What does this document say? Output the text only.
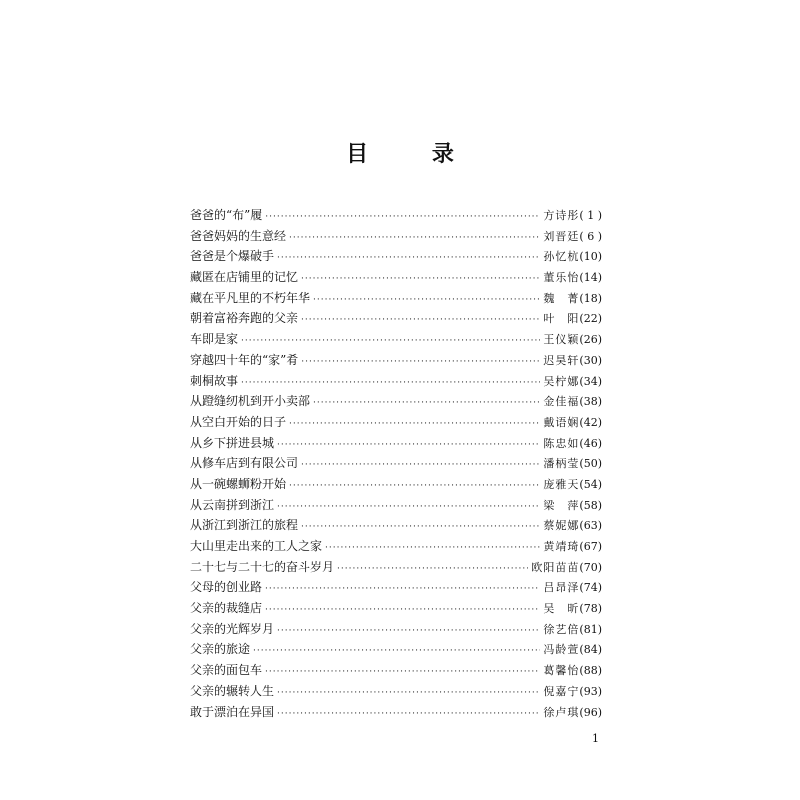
目 录
爸爸的“布”履 ·····	方诗彤 ( 1 )
爸爸妈妈的生意经 ·····	刘晋廷 ( 6 )
爸爸是个爆破手 ·····	孙忆杭 (10)
藏匿在店铺里的记忆 ·····	董乐怡 (14)
藏在平凡里的不朽年华 ·····	魏　菁 (18)
朝着富裕奔跑的父亲 ·····	叶　阳 (22)
车即是家 ·····	王仪颖 (26)
穿越四十年的“家”肴 ·····	迟昊轩 (30)
刺桐故事 ·····	吴柠娜 (34)
从蹬缝纫机到开小卖部 ·····	金佳福 (38)
从空白开始的日子 ·····	戴语娴 (42)
从乡下拼进县城 ·····	陈忠如 (46)
从修车店到有限公司 ·····	潘柄莹 (50)
从一碗螺蛳粉开始 ·····	庞雅天 (54)
从云南拼到浙江 ·····	梁　萍 (58)
从浙江到浙江的旅程 ·····	蔡妮娜 (63)
大山里走出来的工人之家 ·····	黄靖琦 (67)
二十七与二十七的奋斗岁月 ·····	欧阳苗苗 (70)
父母的创业路 ·····	吕昂泽 (74)
父亲的裁缝店 ·····	吴　昕 (78)
父亲的光辉岁月 ·····	徐艺倍 (81)
父亲的旅途 ·····	冯龄萱 (84)
父亲的面包车 ·····	葛馨怡 (88)
父亲的辗转人生 ·····	倪嘉宁 (93)
敢于漂泊在异国 ·····	徐卢琪 (96)
1
